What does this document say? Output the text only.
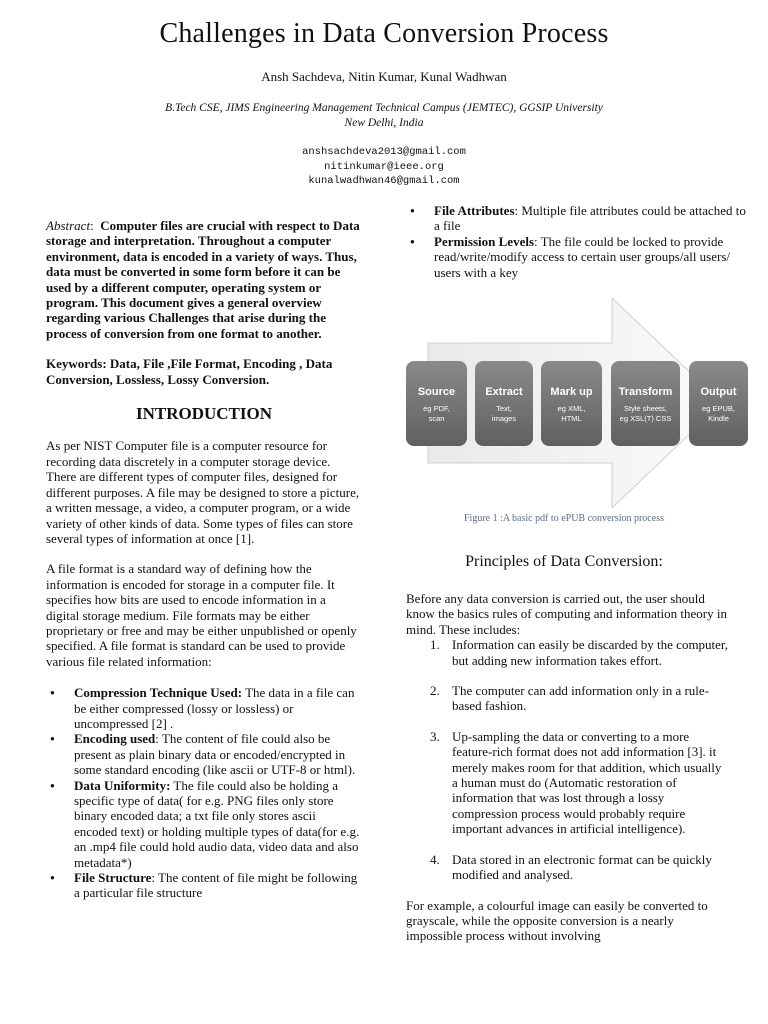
Challenges in Data Conversion Process
Ansh Sachdeva, Nitin Kumar, Kunal Wadhwan
B.Tech CSE, JIMS Engineering Management Technical Campus (JEMTEC), GGSIP University
New Delhi, India
anshsachdeva2013@gmail.com
nitinkumar@ieee.org
kunalwadhwan46@gmail.com

Abstract: Computer files are crucial with respect to Data storage and interpretation. Throughout a computer environment, data is encoded in a variety of ways. Thus, data must be converted in some form before it can be used by a different computer, operating system or program. This document gives a general overview regarding various Challenges that arise during the process of conversion from one format to another.

Keywords: Data, File ,File Format, Encoding , Data Conversion, Lossless, Lossy Conversion.

INTRODUCTION

As per NIST Computer file is a computer resource for recording data discretely in a computer storage device. There are different types of computer files, designed for different purposes. A file may be designed to store a picture, a written message, a video, a computer program, or a wide variety of other kinds of data. Some types of files can store several types of information at once [1].

A file format is a standard way of defining how the information is encoded for storage in a computer file. It specifies how bits are used to encode information in a digital storage medium. File formats may be either proprietary or free and may be either unpublished or openly specified. A file format is standard can be used to provide various file related information:

● Compression Technique Used: The data in a file can be either compressed (lossy or lossless) or uncompressed [2] .
● Encoding used: The content of file could also be present as plain binary data or encoded/encrypted in some standard encoding (like ascii or UTF-8 or html).
● Data Uniformity: The file could also be holding a specific type of data( for e.g. PNG files only store binary encoded data; a txt file only stores ascii encoded text) or holding multiple types of data(for e.g. an .mp4 file could hold audio data, video data and also metadata*)
● File Structure: The content of file might be following a particular file structure
● File Attributes: Multiple file attributes could be attached to a file
● Permission Levels: The file could be locked to provide read/write/modify access to certain user groups/all users/ users with a key
Source
eg PDF,
scan
Extract
Text,
images
Mark up
eg XML,
HTML
Transform
Style sheets,
eg XSL(T) CSS
Output
eg EPUB,
Kindle
Figure 1 :A basic pdf to ePUB conversion process
Principles of Data Conversion:

Before any data conversion is carried out, the user should know the basics rules of computing and information theory in mind. These includes:

1. Information can easily be discarded by the computer, but adding new information takes effort.
2. The computer can add information only in a rule-based fashion.
3. Up-sampling the data or converting to a more feature-rich format does not add information [3]. it merely makes room for that addition, which usually a human must do (Automatic restoration of information that was lost through a lossy compression process would probably require important advances in artificial intelligence).
4. Data stored in an electronic format can be quickly modified and analysed.

For example, a colourful image can easily be converted to grayscale, while the opposite conversion is a nearly impossible process without involving
